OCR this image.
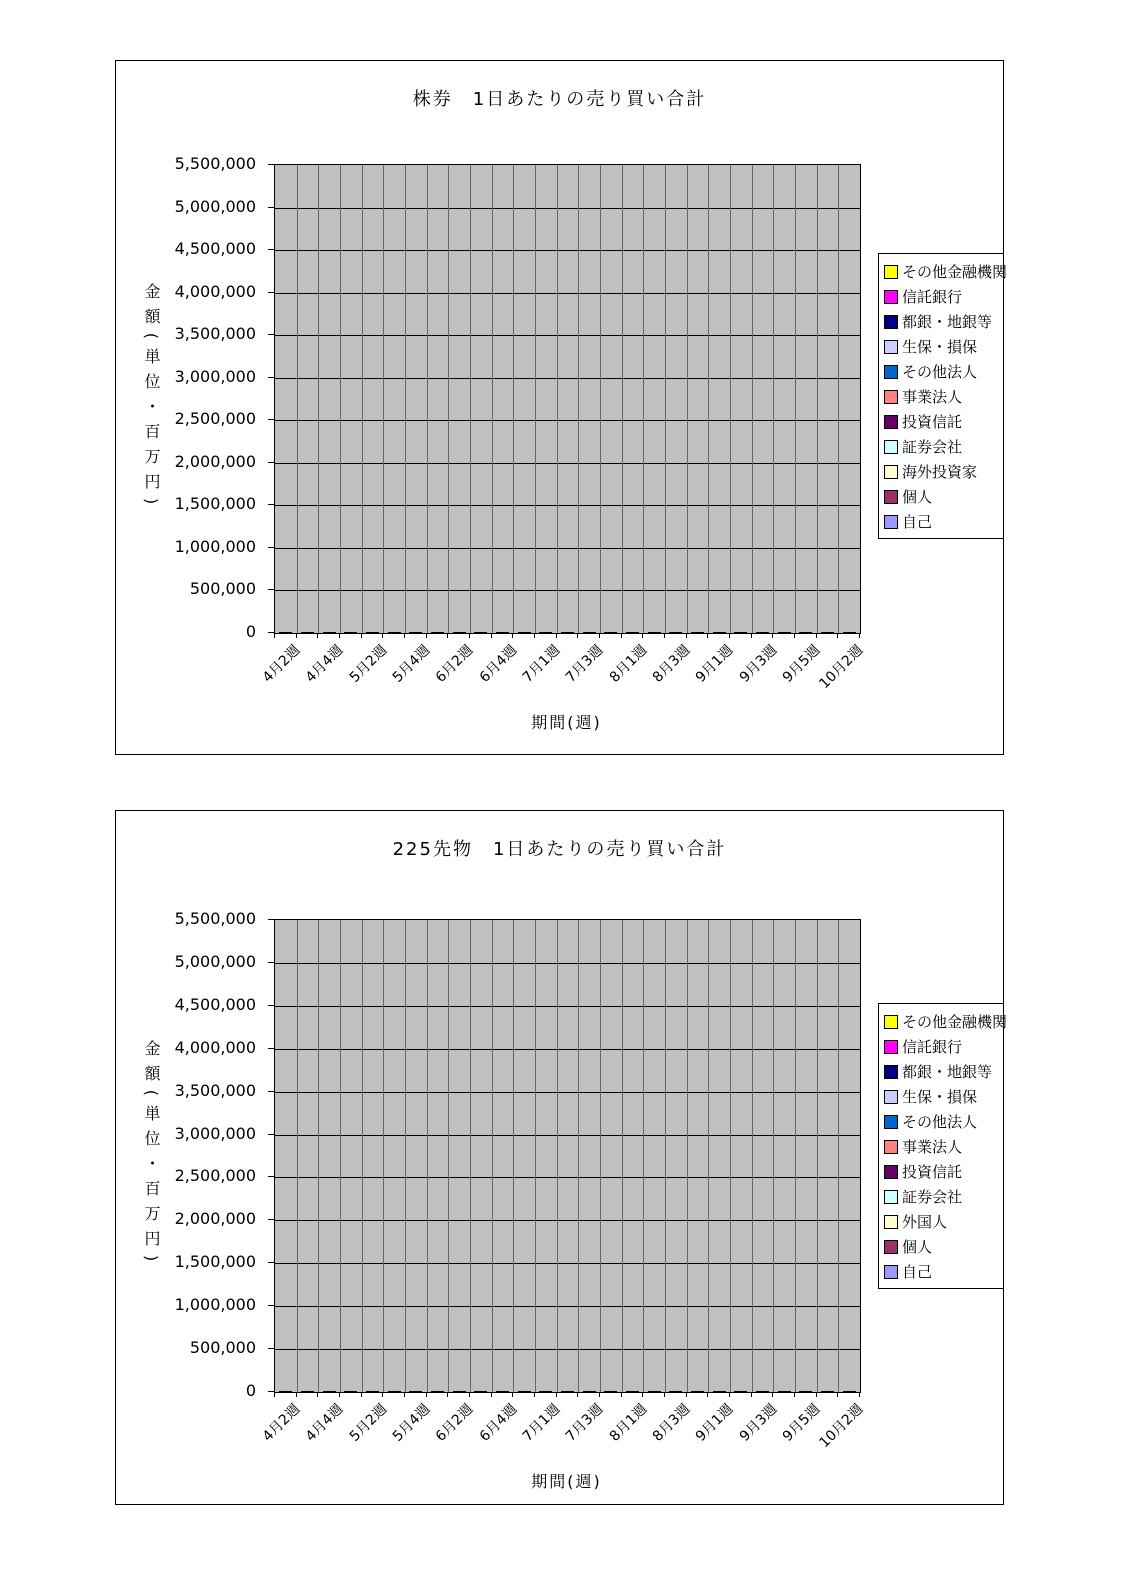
株券　1日あたりの売り買い合計
金額(単位・百万円)
その他金融機関
信託銀行
都銀・地銀等
生保・損保
その他法人
事業法人
投資信託
証券会社
海外投資家
個人
自己
期間(週)
0
500,000
1,000,000
1,500,000
2,000,000
2,500,000
3,000,000
3,500,000
4,000,000
4,500,000
5,000,000
5,500,000
4月2週 4月4週 5月2週 5月4週 6月2週 6月4週 7月1週 7月3週 8月1週 8月3週 9月1週 9月3週 9月5週
10月2週
225先物　1日あたりの売り買い合計
金額(単位・百万円)
その他金融機関
信託銀行
都銀・地銀等
生保・損保
その他法人
事業法人
投資信託
証券会社
外国人
個人
自己
期間(週)
0
500,000
1,000,000
1,500,000
2,000,000
2,500,000
3,000,000
3,500,000
4,000,000
4,500,000
5,000,000
5,500,000
4月2週 4月4週 5月2週 5月4週 6月2週 6月4週 7月1週 7月3週 8月1週 8月3週 9月1週 9月3週 9月5週
10月2週
